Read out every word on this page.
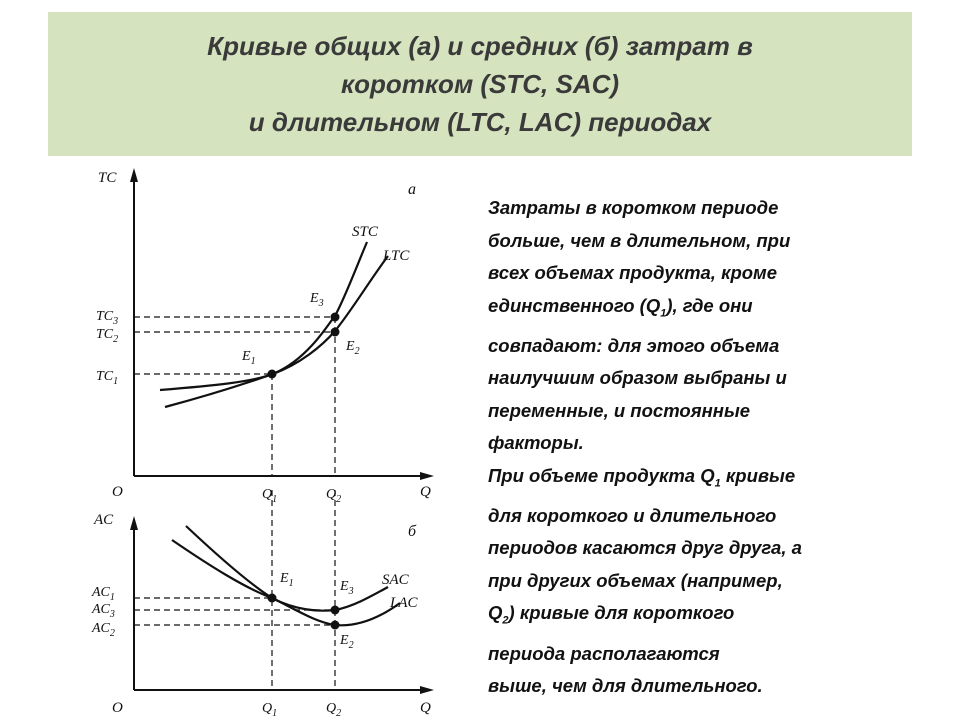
Кривые общих (а) и средних (б) затрат в
коротком (STC, SAC)
и длительном (LTC, LAC) периодах
TC
а
STC
LTC
$E_3$
$E_2$
$E_1$
$TC_3$
$TC_2$
$TC_1$
O	$Q_1$	$Q_2$	Q
AC
б
SAC
LAC
$E_1$	$E_3$
$E_2$
$AC_1$
$AC_3$
$AC_2$
O	$Q_1$	$Q_2$	Q
Затраты в коротком периоде
больше, чем в длительном, при
всех объемах продукта, кроме
единственного $(Q_1)$, где они
совпадают: для этого объема
наилучшим образом выбраны и
переменные, и постоянные
факторы.
При объеме продукта $Q_1$ кривые
для короткого и длительного
периодов касаются друг друга, а
при других объемах (например,
$Q_2$) кривые для короткого
периода располагаются
выше, чем для длительного.
